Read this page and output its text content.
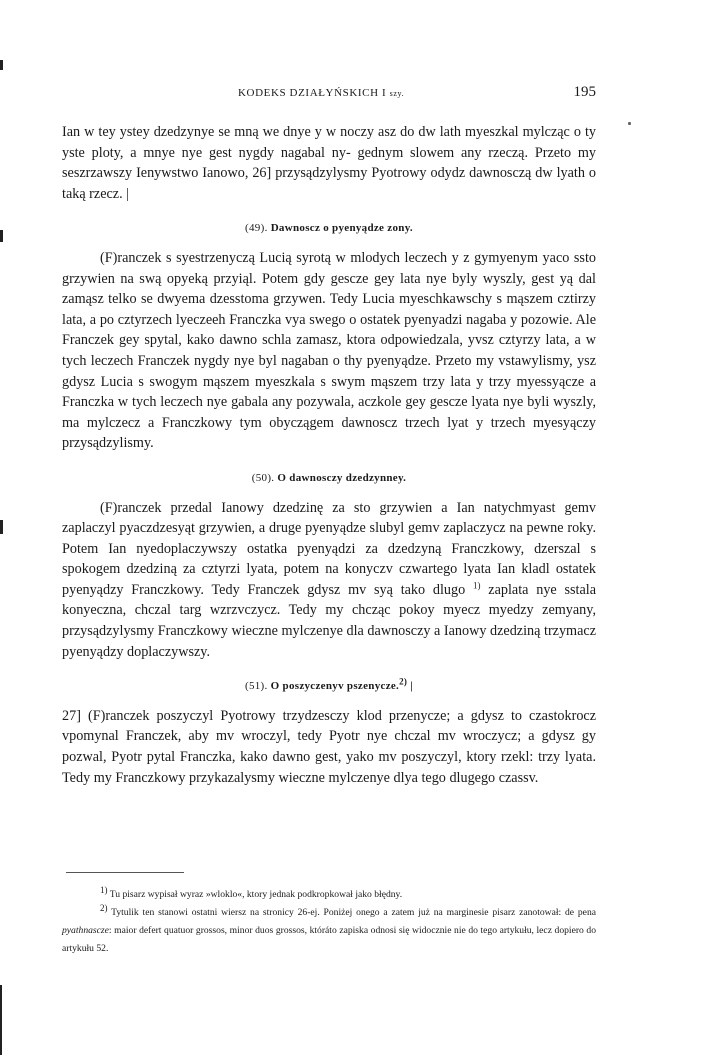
KODEKS DZIAŁYŃSKICH I szy.	195

Ian w tey ystey dzedzynye se mną we dnye y w noczy asz do dw lath myeszkal mylcząc o ty yste ploty, a mnye nye gest nygdy nagabal ny- gednym slowem any rzeczą. Przeto my seszrzawszy Ienywstwo Ianowo, 26] przysądzylysmy Pyotrowy odydz dawnosczą dw lyath o taką rzecz. |

(49). Dawnoscz o pyenyądze zony.

(F)ranczek s syestrzenyczą Lucią syrotą w mlodych leczech y z gymyenym yaco ssto grzywien na swą opyeką przyiąl. Potem gdy gescze gey lata nye byly wyszly, gest yą dal zamąsz telko se dwyema dzesstoma grzywen. Tedy Lucia myeschkawschy s mąszem cztirzy lata, a po cztyrzech lyeczeeh Franczka vya swego o ostatek pyenyadzi nagaba y pozowie. Ale Franczek gey spytal, kako dawno schla zamasz, ktora odpowiedzala, yvsz cztyrzy lata, a w tych leczech Franczek nygdy nye byl nagaban o thy pyenyądze. Przeto my vstawylismy, ysz gdysz Lucia s swogym mąszem myeszkala s swym mąszem trzy lata y trzy myessyącze a Franczka w tych leczech nye gabala any pozywala, aczkole gey gescze lyata nye byli wyszly, ma mylczecz a Franczkowy tym obyczągem dawnoscz trzech lyat y trzech myesyączy przysądzylismy.

(50). O dawnosczy dzedzynney.

(F)ranczek przedal Ianowy dzedzinę za sto grzywien a Ian natychmyast gemv zaplaczyl pyaczdzesyąt grzywien, a druge pyenyądze slubyl gemv zaplaczycz na pewne roky. Potem Ian nyedoplaczywszy ostatka pyenyądzi za dzedzyną Franczkowy, dzerszal s spokogem dzedziną za cztyrzi lyata, potem na konyczv czwartego lyata Ian kladl ostatek pyenyądzy Franczkowy. Tedy Franczek gdysz mv syą tako dlugo $^{1)}$ zaplata nye sstala konyeczna, chczal targ wzrzvczycz. Tedy my chcząc pokoy myecz myedzy zemyany, przysądzylysmy Franczkowy wieczne mylczenye dla dawnosczy a Ianowy dzedziną trzymacz pyenyądzy doplaczywszy.

(51). O poszyczenyv pszenycze.$^{2)}$ |

27] (F)ranczek poszyczyl Pyotrowy trzydzesczy klod przenycze; a gdysz to czastokrocz vpomynal Franczek, aby mv wroczyl, tedy Pyotr nye chczal mv wroczycz; a gdysz gy pozwal, Pyotr pytal Franczka, kako dawno gest, yako mv poszyczyl, ktory rzekl: trzy lyata. Tedy my Franczkowy przykazalysmy wieczne mylczenye dlya tego dlugego czassv.

1) Tu pisarz wypisał wyraz »wloklo«, ktory jednak podkropkował jako błędny.

2) Tytulik ten stanowi ostatni wiersz na stronicy 26-ej. Poniżej onego a zatem już na marginesie pisarz zanotował: de pena pyathnascze: maior defert quatuor grossos, minor duos grossos, któráto zapiska odnosi się widocznie nie do tego artykułu, lecz dopiero do artykułu 52.
